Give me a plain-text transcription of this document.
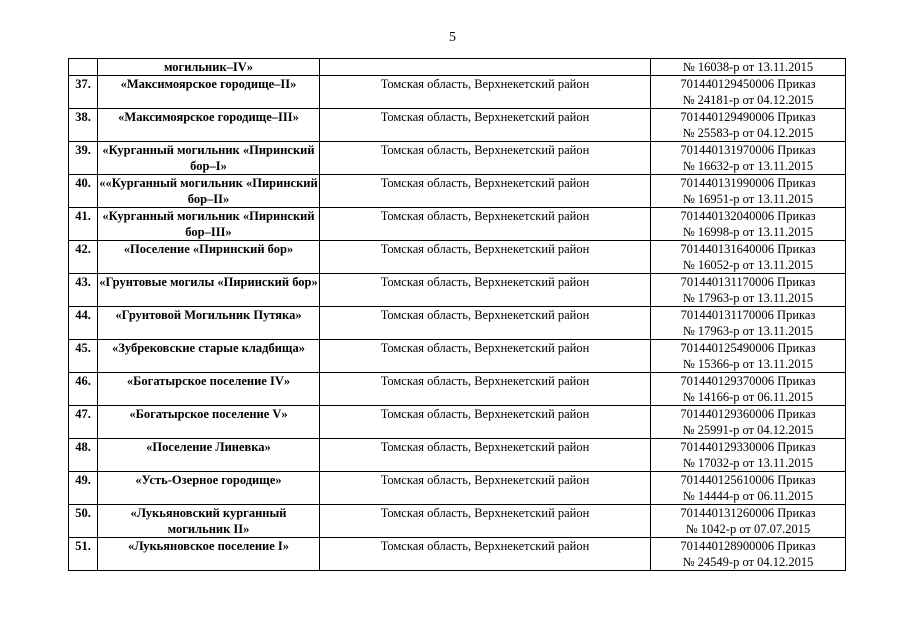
5
	могильник–IV»		№ 16038-р от 13.11.2015

37.	«Максимоярское городище–II»	Томская область, Верхнекетский район	701440129450006 Приказ
№ 24181-р от 04.12.2015

38.	«Максимоярское городище–III»	Томская область, Верхнекетский район	701440129490006 Приказ
№ 25583-р от 04.12.2015

39.	«Курганный могильник «Пиринский бор–I»	Томская область, Верхнекетский район	701440131970006 Приказ
№ 16632-р от 13.11.2015

40.	««Курганный могильник «Пиринский бор–II»	Томская область, Верхнекетский район	701440131990006 Приказ
№ 16951-р от 13.11.2015

41.	«Курганный могильник «Пиринский бор–III»	Томская область, Верхнекетский район	701440132040006 Приказ
№ 16998-р от 13.11.2015

42.	«Поселение «Пиринский бор»	Томская область, Верхнекетский район	701440131640006 Приказ
№ 16052-р от 13.11.2015

43.	«Грунтовые могилы «Пиринский бор»	Томская область, Верхнекетский район	701440131170006 Приказ
№ 17963-р от 13.11.2015

44.	«Грунтовой Могильник Путяка»	Томская область, Верхнекетский район	701440131170006 Приказ
№ 17963-р от 13.11.2015

45.	«Зубрековские старые кладбища»	Томская область, Верхнекетский район	701440125490006 Приказ
№ 15366-р от 13.11.2015

46.	«Богатырское поселение IV»	Томская область, Верхнекетский район	701440129370006 Приказ
№ 14166-р от 06.11.2015

47.	«Богатырское поселение V»	Томская область, Верхнекетский район	701440129360006 Приказ
№ 25991-р от 04.12.2015

48.	«Поселение Линевка»	Томская область, Верхнекетский район	701440129330006 Приказ
№ 17032-р от 13.11.2015

49.	«Усть-Озерное городище»	Томская область, Верхнекетский район	701440125610006 Приказ
№ 14444-р от 06.11.2015

50.	«Лукьяновский курганный могильник II»	Томская область, Верхнекетский район	701440131260006 Приказ
№ 1042-р от 07.07.2015

51.	«Лукьяновское поселение I»	Томская область, Верхнекетский район	701440128900006 Приказ
№ 24549-р от 04.12.2015
